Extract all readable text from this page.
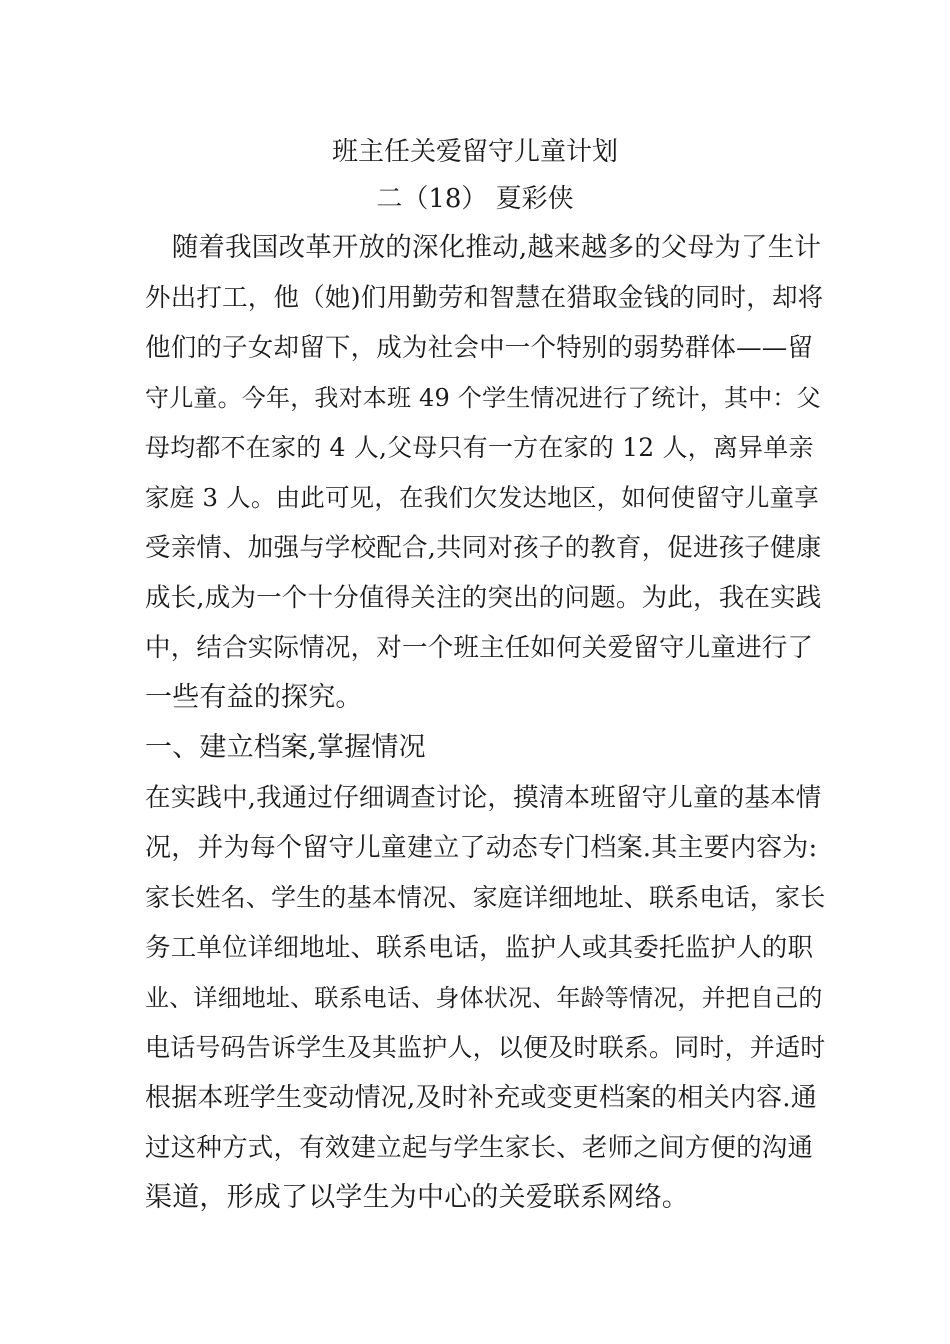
班主任关爱留守儿童计划
二（18） 夏彩侠
　随着我国改革开放的深化推动,越来越多的父母为了生计
外出打工，他（她)们用勤劳和智慧在猎取金钱的同时，却将
他们的子女却留下，成为社会中一个特别的弱势群体——留
守儿童。今年，我对本班 49 个学生情况进行了统计，其中：父
母均都不在家的 4 人,父母只有一方在家的 12 人，离异单亲
家庭 3 人。由此可见，在我们欠发达地区，如何使留守儿童享
受亲情、加强与学校配合,共同对孩子的教育，促进孩子健康
成长,成为一个十分值得关注的突出的问题。为此，我在实践
中，结合实际情况，对一个班主任如何关爱留守儿童进行了
一些有益的探究。
一、建立档案,掌握情况
在实践中,我通过仔细调查讨论，摸清本班留守儿童的基本情
况，并为每个留守儿童建立了动态专门档案.其主要内容为:
家长姓名、学生的基本情况、家庭详细地址、联系电话，家长
务工单位详细地址、联系电话，监护人或其委托监护人的职
业、详细地址、联系电话、身体状况、年龄等情况，并把自己的
电话号码告诉学生及其监护人，以便及时联系。同时，并适时
根据本班学生变动情况,及时补充或变更档案的相关内容.通
过这种方式，有效建立起与学生家长、老师之间方便的沟通
渠道，形成了以学生为中心的关爱联系网络。
